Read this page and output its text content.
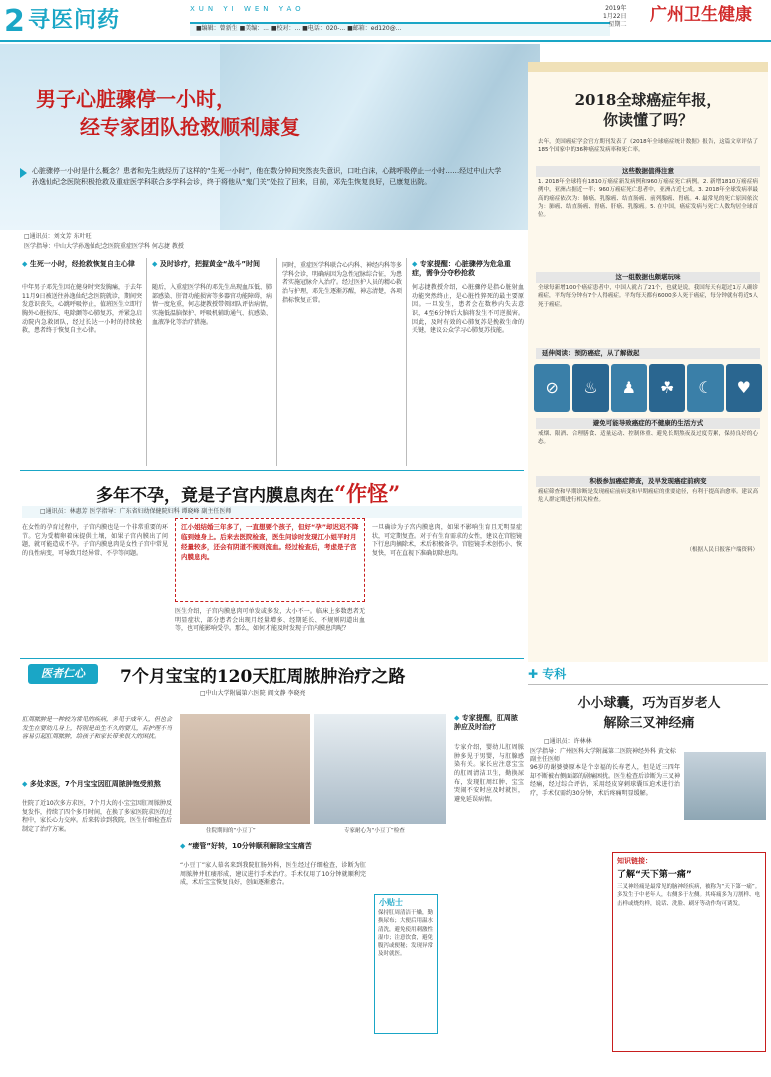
2 寻医问药	XUN YI WEN YAO
■编辑：曾新生 ■美编：... ■校对：... ■电话：020-... ■邮箱：ed120@...
2019年
1月22日
星期二 广州卫生健康
男子心脏骤停一小时，
经专家团队抢救顺利康复
心脏骤停一小时是什么概念？患者和先生就经历了这样的“生死一小时”，他在数分钟间突然丧失意识，口吐白沫，心跳呼吸停止一小时……经过中山大学孙逸仙纪念医院积极抢救及重症医学科联合多学科会诊，终于将他从“鬼门关”处拉了回来，目前，邓先生恢复良好，已康复出院。
□通讯员：刘文芳 东叶旺
医学指导：中山大学孙逸仙纪念医院重症医学科 何志捷 教授
◆ 生死一小时，经抢救恢复自主心律
中年男子邓先生因在健身时突发胸痛，于去年11月9日被送往孙逸仙纪念医院就诊，期间突发意识丧失，心跳呼吸停止，值班医生立即行胸外心脏按压、电除颤等心肺复苏，并紧急启动院内急救团队，经过长达一小时的持续抢救，患者终于恢复自主心律。
◆ 及时诊疗，把握黄金“战斗”时间
随后，入重症医学科的邓先生出现血压低、肺部感染、肝肾功能损害等多器官功能障碍，病情一度危重，何志捷教授带领团队评估病情，实施低温脑保护、呼吸机辅助通气、抗感染、血液净化等治疗措施。
同时，重症医学科联合心内科、神经内科等多学科会诊，明确病因为急性冠脉综合征，为患者实施冠脉介入治疗。经过医护人员的精心救治与护理，邓先生逐渐苏醒，神志清楚，各项指标恢复正常。
◆ 专家提醒：心脏骤停为危急重症，需争分夺秒抢救
何志捷教授介绍，心脏骤停是指心脏射血功能突然终止，是心脏性猝死的最主要原因。一旦发生，患者会在数秒内失去意识，4至6分钟后大脑将发生不可逆损害。因此，及时有效的心肺复苏是挽救生命的关键，建议公众学习心肺复苏技能。
多年不孕，竟是子宫内膜息肉在“作怪”
□通讯员：林惠芳 医学指导：广东省妇幼保健院妇科 谭晓峰 副主任医师
在女性的孕育过程中，子宫内膜也是一个非常重要的环节。它为受精卵着床提供土壤，如果子宫内膜出了问题，就可能造成不孕。子宫内膜息肉是女性子宫中常见的良性病变，可导致月经异常、不孕等问题。
江小姐结婚三年多了，一直想要个孩子，但好“孕”却迟迟不降临到她身上。后来去医院检查，医生问诊时发现江小姐平时月经量较多，还会有阴道不规则流血。经过检查后，考虑是子宫内膜息肉。
医生介绍，子宫内膜息肉可单发或多发，大小不一。临床上多数患者无明显症状，部分患者会出现月经量增多、经期延长、不规则阴道出血等，也可能影响受孕。那么，如何才能及时发现子宫内膜息肉呢？
一旦确诊为子宫内膜息肉，如果不影响生育且无明显症状，可定期复查。对于有生育需求的女性，建议在宫腔镜下行息肉摘除术，术后积极备孕。宫腔镜手术创伤小、恢复快，可在直视下准确切除息肉。
医者仁心	7个月宝宝的120天肛周脓肿治疗之路
□中山大学附属第六医院 阎文静 李晓亮
肛周脓肿是一种较为常见的疾病，多见于成年人，但也会发生在婴幼儿身上，特别是出生不久的婴儿，若护理不当容易引起肛周脓肿，给孩子和家长带来很大的困扰。
◆ 多处求医，7个月宝宝因肛周脓肿饱受煎熬
住院了近10次多方求医，7个月大的小宝宝因肛周脓肿反复发作，持续了四个多月时间，在换了多家医院求医的过程中，家长心力交瘁。后来转诊到我院，医生仔细检查后制定了治疗方案。	住院期间的“小豆丁”	专家耐心为“小豆丁”检查
◆ “瘘管”好转，10分钟顺利解除宝宝痛苦
“小豆丁”家人慕名来到我院肛肠外科，医生经过仔细检查，诊断为肛周脓肿并肛瘘形成，建议进行手术治疗。手术仅用了10分钟就顺利完成，术后宝宝恢复良好，创面逐渐愈合。
◆ 专家提醒，肛周脓肿应及时治疗
专家介绍，婴幼儿肛周脓肿多见于男婴，与肛腺感染有关。家长应注意宝宝的肛周清洁卫生，勤换尿布，发现肛周红肿、宝宝哭闹不安时应及时就医，避免延误病情。
小贴士
保持肛周清洁干燥，勤换尿布；大便后用温水清洗，避免使用刺激性湿巾；注意饮食，避免腹泻或便秘；发现异常及时就医。
2018全球癌症年报，
你读懂了吗？
去年，美国癌症学会官方期刊发表了《2018年全球癌症统计数据》报告，这篇文章评估了185个国家中的36种癌症发病率和死亡率。
这些数据值得注意
1. 2018年全球将有1810万癌症新发病例和960万癌症死亡病例。2. 新增1810万癌症病例中，亚洲占据近一半；960万癌症死亡患者中，亚洲占近七成。3. 2018年全球发病率最高的癌症依次为：肺癌、乳腺癌、结直肠癌、前列腺癌、胃癌。4. 最常见的死亡原因依次为：肺癌、结直肠癌、胃癌、肝癌、乳腺癌。5. 在中国，癌症发病与死亡人数均居全球首位。
这一组数据也颇堪玩味
全球每新增100个癌症患者中，中国人就占了21个，也就是说，我国每天有超过1万人确诊癌症，平均每分钟有7个人得癌症。平均每天都有6000多人死于癌症，每分钟就有将近5人死于癌症。
延伸阅读：预防癌症，从了解做起
避免可能导致癌症的不健康的生活方式
戒烟、限酒、合理膳食、适量运动、控制体重、避免长期熬夜及过度劳累，保持良好的心态。
积极参加癌症筛查，及早发现癌症前病变
癌症筛查和早期诊断是发现癌症前病变和早期癌症的重要途径，有利于提高治愈率。建议高危人群定期进行相关检查。
（根据人民日报客户端资料）
⊘	♨	♟	☘	☾	♥
✚ 专科
小小球囊，巧为百岁老人
解除三叉神经痛
□通讯员：许林林
医学指导：广州医科大学附属第二医院神经外科 黄文标 副主任医师
96岁的谢婆婆原本是个幸福的长寿老人，但是近三四年却不断被右侧面部的剧痛困扰。医生检查后诊断为三叉神经痛，经过综合评估，采用经皮穿刺球囊压迫术进行治疗，手术仅需约30分钟，术后疼痛明显缓解。
知识链接：
了解“天下第一痛”
三叉神经痛是最常见的脑神经疾病，被称为“天下第一痛”。多发生于中老年人，右侧多于左侧。其疼痛多为刀割样、电击样或烧灼样，说话、洗脸、刷牙等动作均可诱发。
